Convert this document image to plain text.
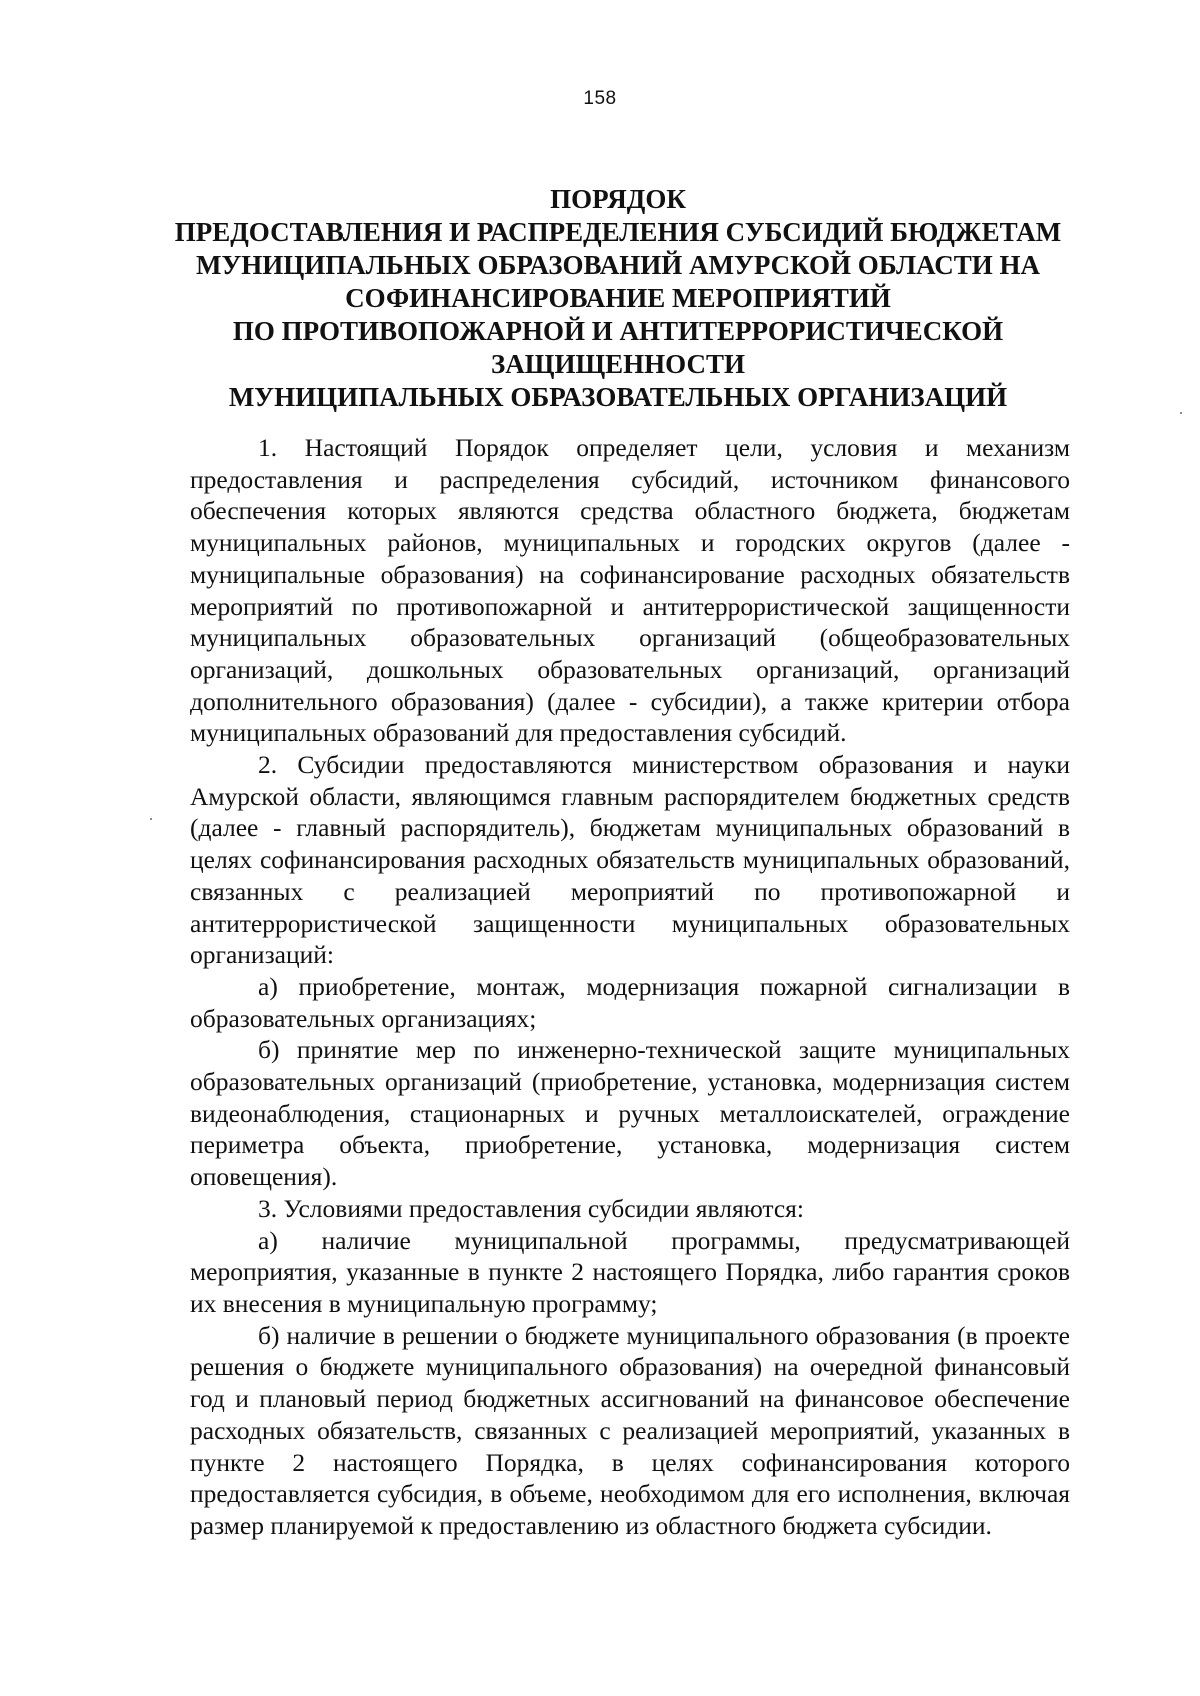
158
ПОРЯДОК
ПРЕДОСТАВЛЕНИЯ И РАСПРЕДЕЛЕНИЯ СУБСИДИЙ БЮДЖЕТАМ
МУНИЦИПАЛЬНЫХ ОБРАЗОВАНИЙ АМУРСКОЙ ОБЛАСТИ НА
СОФИНАНСИРОВАНИЕ МЕРОПРИЯТИЙ
ПО ПРОТИВОПОЖАРНОЙ И АНТИТЕРРОРИСТИЧЕСКОЙ
ЗАЩИЩЕННОСТИ
МУНИЦИПАЛЬНЫХ ОБРАЗОВАТЕЛЬНЫХ ОРГАНИЗАЦИЙ

1. Настоящий Порядок определяет цели, условия и механизм предоставления и распределения субсидий, источником финансового обеспечения которых являются средства областного бюджета, бюджетам муниципальных районов, муниципальных и городских округов (далее - муниципальные образования) на софинансирование расходных обязательств мероприятий по противопожарной и антитеррористической защищенности муниципальных образовательных организаций (общеобразовательных организаций, дошкольных образовательных организаций, организаций дополнительного образования) (далее - субсидии), а также критерии отбора муниципальных образований для предоставления субсидий.

2. Субсидии предоставляются министерством образования и науки Амурской области, являющимся главным распорядителем бюджетных средств (далее - главный распорядитель), бюджетам муниципальных образований в целях софинансирования расходных обязательств муниципальных образований, связанных с реализацией мероприятий по противопожарной и антитеррористической защищенности муниципальных образовательных организаций:

а) приобретение, монтаж, модернизация пожарной сигнализации в образовательных организациях;

б) принятие мер по инженерно-технической защите муниципальных образовательных организаций (приобретение, установка, модернизация систем видеонаблюдения, стационарных и ручных металлоискателей, ограждение периметра объекта, приобретение, установка, модернизация систем оповещения).

3. Условиями предоставления субсидии являются:

а) наличие муниципальной программы, предусматривающей мероприятия, указанные в пункте 2 настоящего Порядка, либо гарантия сроков их внесения в муниципальную программу;

б) наличие в решении о бюджете муниципального образования (в проекте решения о бюджете муниципального образования) на очередной финансовый год и плановый период бюджетных ассигнований на финансовое обеспечение расходных обязательств, связанных с реализацией мероприятий, указанных в пункте 2 настоящего Порядка, в целях софинансирования которого предоставляется субсидия, в объеме, необходимом для его исполнения, включая размер планируемой к предоставлению из областного бюджета субсидии.
